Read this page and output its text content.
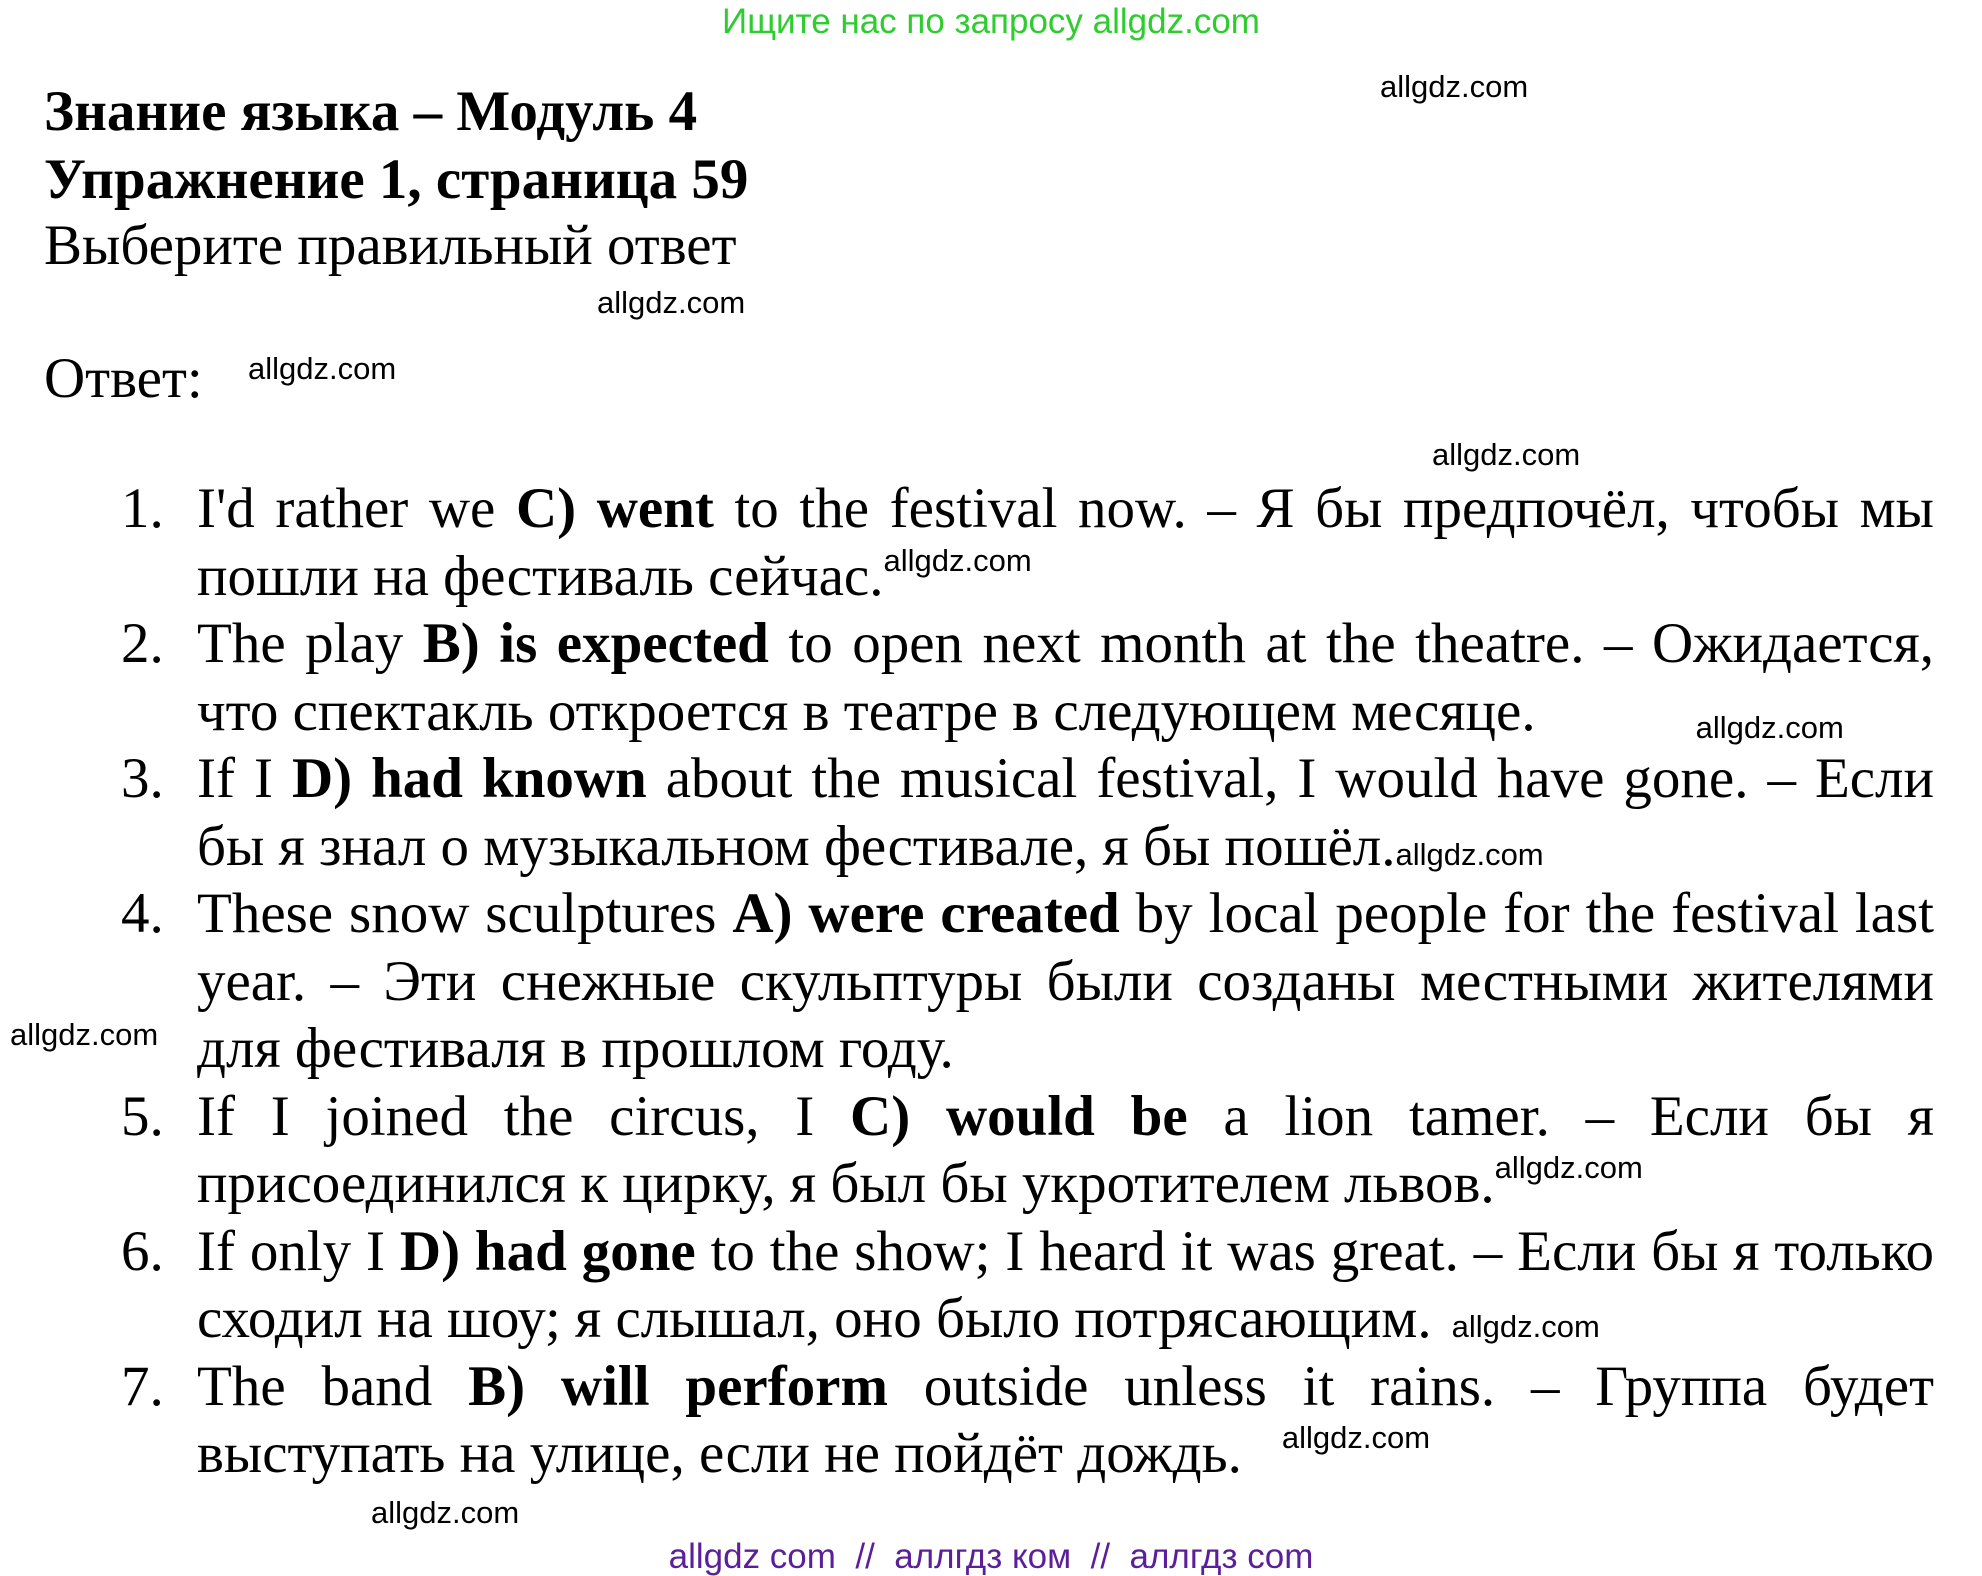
Ищите нас по запросу allgdz.com
Знание языка – Модуль 4
Упражнение 1, страница 59
Выберите правильный ответ
Ответ:
1. I'd rather we C) went to the festival now. – Я бы предпочёл, чтобы мы пошли на фестиваль сейчас.$^{allgdz.com}$
2. The play B) is expected to open next month at the theatre. – Ожидается, что спектакль откроется в театре в следующем месяце.	allgdz.com
3. If I D) had known about the musical festival, I would have gone. – Если бы я знал о музыкальном фестивале, я бы пошёл.allgdz.com
4. These snow sculptures A) were created by local people for the festival last year. – Эти снежные скульптуры были созданы местными жителями для фестиваля в прошлом году.
5. If I joined the circus, I C) would be a lion tamer. – Если бы я присоединился к цирку, я был бы укротителем львов.$^{allgdz.com}$
6. If only I D) had gone to the show; I heard it was great. – Если бы я только сходил на шоу; я слышал, оно было потрясающим. allgdz.com
7. The band B) will perform outside unless it rains. – Группа будет выступать на улице, если не пойдёт дождь. $^{allgdz.com}$
allgdz.com
allgdz.com
allgdz.com
allgdz.com
allgdz.com
allgdz.com
allgdz com  //  аллгдз ком  //  аллгдз com
